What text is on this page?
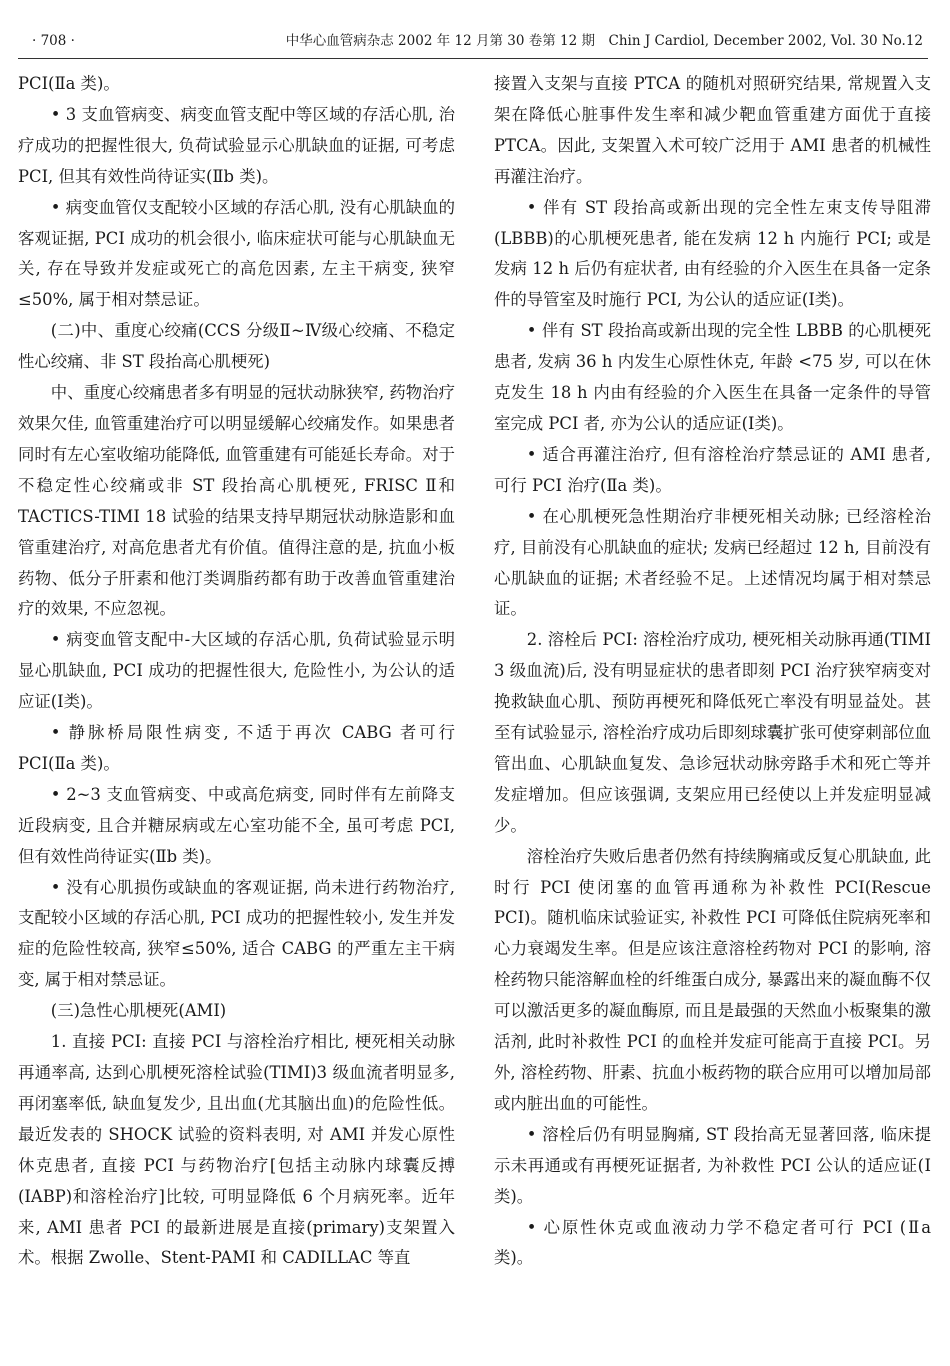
· 708 ·	中华心血管病杂志 2002 年 12 月第 30 卷第 12 期　Chin J Cardiol, December 2002, Vol. 30 No.12

PCI(Ⅱa 类)。

• 3 支血管病变、病变血管支配中等区域的存活心肌, 治疗成功的把握性很大, 负荷试验显示心肌缺血的证据, 可考虑 PCI, 但其有效性尚待证实(Ⅱb 类)。

• 病变血管仅支配较小区域的存活心肌, 没有心肌缺血的客观证据, PCI 成功的机会很小, 临床症状可能与心肌缺血无关, 存在导致并发症或死亡的高危因素, 左主干病变, 狭窄≤50%, 属于相对禁忌证。

(二)中、重度心绞痛(CCS 分级Ⅱ~Ⅳ级心绞痛、不稳定性心绞痛、非 ST 段抬高心肌梗死)

中、重度心绞痛患者多有明显的冠状动脉狭窄, 药物治疗效果欠佳, 血管重建治疗可以明显缓解心绞痛发作。如果患者同时有左心室收缩功能降低, 血管重建有可能延长寿命。对于不稳定性心绞痛或非 ST 段抬高心肌梗死, FRISC Ⅱ和 TACTICS-TIMI 18 试验的结果支持早期冠状动脉造影和血管重建治疗, 对高危患者尤有价值。值得注意的是, 抗血小板药物、低分子肝素和他汀类调脂药都有助于改善血管重建治疗的效果, 不应忽视。

• 病变血管支配中-大区域的存活心肌, 负荷试验显示明显心肌缺血, PCI 成功的把握性很大, 危险性小, 为公认的适应证(Ⅰ类)。

• 静脉桥局限性病变, 不适于再次 CABG 者可行 PCI(Ⅱa 类)。

• 2~3 支血管病变、中或高危病变, 同时伴有左前降支近段病变, 且合并糖尿病或左心室功能不全, 虽可考虑 PCI, 但有效性尚待证实(Ⅱb 类)。

• 没有心肌损伤或缺血的客观证据, 尚未进行药物治疗, 支配较小区域的存活心肌, PCI 成功的把握性较小, 发生并发症的危险性较高, 狭窄≤50%, 适合 CABG 的严重左主干病变, 属于相对禁忌证。

(三)急性心肌梗死(AMI)

1. 直接 PCI: 直接 PCI 与溶栓治疗相比, 梗死相关动脉再通率高, 达到心肌梗死溶栓试验(TIMI)3 级血流者明显多, 再闭塞率低, 缺血复发少, 且出血(尤其脑出血)的危险性低。最近发表的 SHOCK 试验的资料表明, 对 AMI 并发心原性休克患者, 直接 PCI 与药物治疗[包括主动脉内球囊反搏(IABP)和溶栓治疗]比较, 可明显降低 6 个月病死率。近年来, AMI 患者 PCI 的最新进展是直接(primary)支架置入术。根据 Zwolle、Stent-PAMI 和 CADILLAC 等直

接置入支架与直接 PTCA 的随机对照研究结果, 常规置入支架在降低心脏事件发生率和减少靶血管重建方面优于直接 PTCA。因此, 支架置入术可较广泛用于 AMI 患者的机械性再灌注治疗。

• 伴有 ST 段抬高或新出现的完全性左束支传导阻滞(LBBB)的心肌梗死患者, 能在发病 12 h 内施行 PCI; 或是发病 12 h 后仍有症状者, 由有经验的介入医生在具备一定条件的导管室及时施行 PCI, 为公认的适应证(Ⅰ类)。

• 伴有 ST 段抬高或新出现的完全性 LBBB 的心肌梗死患者, 发病 36 h 内发生心原性休克, 年龄 <75 岁, 可以在休克发生 18 h 内由有经验的介入医生在具备一定条件的导管室完成 PCI 者, 亦为公认的适应证(Ⅰ类)。

• 适合再灌注治疗, 但有溶栓治疗禁忌证的 AMI 患者, 可行 PCI 治疗(Ⅱa 类)。

• 在心肌梗死急性期治疗非梗死相关动脉; 已经溶栓治疗, 目前没有心肌缺血的症状; 发病已经超过 12 h, 目前没有心肌缺血的证据; 术者经验不足。上述情况均属于相对禁忌证。

2. 溶栓后 PCI: 溶栓治疗成功, 梗死相关动脉再通(TIMI 3 级血流)后, 没有明显症状的患者即刻 PCI 治疗狭窄病变对挽救缺血心肌、预防再梗死和降低死亡率没有明显益处。甚至有试验显示, 溶栓治疗成功后即刻球囊扩张可使穿刺部位血管出血、心肌缺血复发、急诊冠状动脉旁路手术和死亡等并发症增加。但应该强调, 支架应用已经使以上并发症明显减少。

溶栓治疗失败后患者仍然有持续胸痛或反复心肌缺血, 此时行 PCI 使闭塞的血管再通称为补救性 PCI(Rescue PCI)。随机临床试验证实, 补救性 PCI 可降低住院病死率和心力衰竭发生率。但是应该注意溶栓药物对 PCI 的影响, 溶栓药物只能溶解血栓的纤维蛋白成分, 暴露出来的凝血酶不仅可以激活更多的凝血酶原, 而且是最强的天然血小板聚集的激活剂, 此时补救性 PCI 的血栓并发症可能高于直接 PCI。另外, 溶栓药物、肝素、抗血小板药物的联合应用可以增加局部或内脏出血的可能性。

• 溶栓后仍有明显胸痛, ST 段抬高无显著回落, 临床提示未再通或有再梗死证据者, 为补救性 PCI 公认的适应证(Ⅰ类)。

• 心原性休克或血液动力学不稳定者可行 PCI (Ⅱa 类)。
